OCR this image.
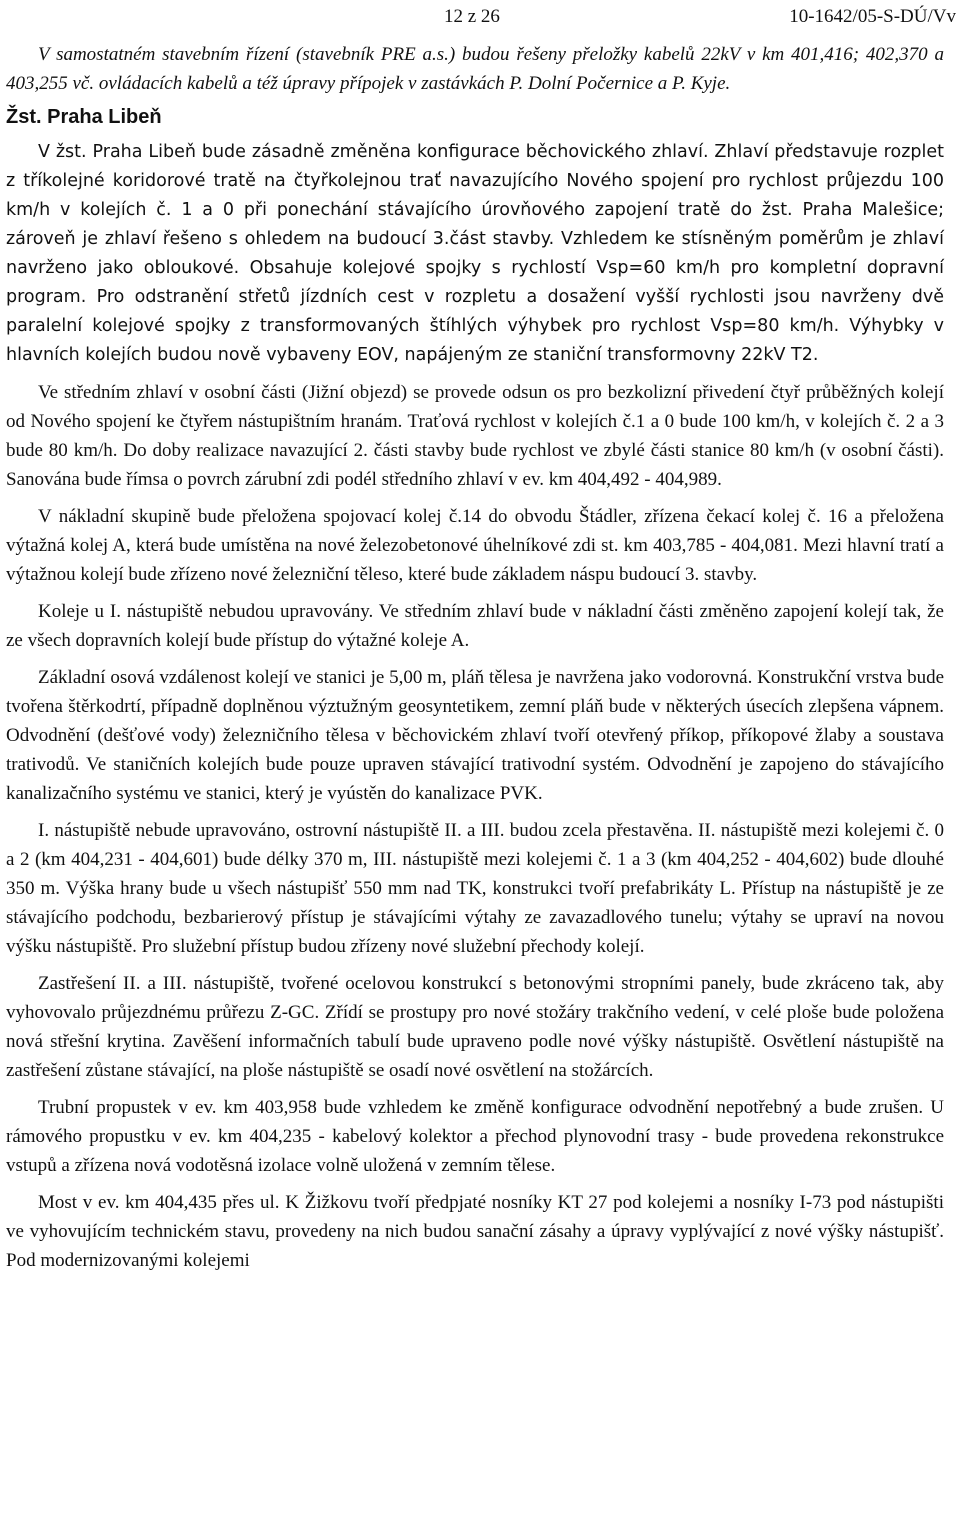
12 z 26	10-1642/05-S-DÚ/Vv

V samostatném stavebním řízení (stavebník PRE a.s.) budou řešeny přeložky kabelů 22kV v km 401,416; 402,370 a 403,255 vč. ovládacích kabelů a též úpravy přípojek v zastávkách P. Dolní Počernice a P. Kyje.

Žst. Praha Libeň

V žst. Praha Libeň bude zásadně změněna konfigurace běchovického zhlaví. Zhlaví představuje rozplet z tříkolejné koridorové tratě na čtyřkolejnou trať navazujícího Nového spojení pro rychlost průjezdu 100 km/h v kolejích č. 1 a 0 při ponechání stávajícího úrovňového zapojení tratě do žst. Praha Malešice; zároveň je zhlaví řešeno s ohledem na budoucí 3.část stavby. Vzhledem ke stísněným poměrům je zhlaví navrženo jako obloukové. Obsahuje kolejové spojky s rychlostí Vsp=60 km/h pro kompletní dopravní program. Pro odstranění střetů jízdních cest v rozpletu a dosažení vyšší rychlosti jsou navrženy dvě paralelní kolejové spojky z transformovaných štíhlých výhybek pro rychlost Vsp=80 km/h. Výhybky v hlavních kolejích budou nově vybaveny EOV, napájeným ze staniční transformovny 22kV T2.

Ve středním zhlaví v osobní části (Jižní objezd) se provede odsun os pro bezkolizní přivedení čtyř průběžných kolejí od Nového spojení ke čtyřem nástupištním hranám. Traťová rychlost v kolejích č.1 a 0 bude 100 km/h, v kolejích č. 2 a 3 bude 80 km/h. Do doby realizace navazující 2. části stavby bude rychlost ve zbylé části stanice 80 km/h (v osobní části). Sanována bude římsa o povrch zárubní zdi podél středního zhlaví v ev. km 404,492 - 404,989.

V nákladní skupině bude přeložena spojovací kolej č.14 do obvodu Štádler, zřízena čekací kolej č. 16 a přeložena výtažná kolej A, která bude umístěna na nové železobetonové úhelníkové zdi st. km 403,785 - 404,081. Mezi hlavní tratí a výtažnou kolejí bude zřízeno nové železniční těleso, které bude základem náspu budoucí 3. stavby.

Koleje u I. nástupiště nebudou upravovány. Ve středním zhlaví bude v nákladní části změněno zapojení kolejí tak, že ze všech dopravních kolejí bude přístup do výtažné koleje A.

Základní osová vzdálenost kolejí ve stanici je 5,00 m, pláň tělesa je navržena jako vodorovná. Konstrukční vrstva bude tvořena štěrkodrtí, případně doplněnou výztužným geosyntetikem, zemní pláň bude v některých úsecích zlepšena vápnem. Odvodnění (dešťové vody) železničního tělesa v běchovickém zhlaví tvoří otevřený příkop, příkopové žlaby a soustava trativodů. Ve staničních kolejích bude pouze upraven stávající trativodní systém. Odvodnění je zapojeno do stávajícího kanalizačního systému ve stanici, který je vyústěn do kanalizace PVK.

I. nástupiště nebude upravováno, ostrovní nástupiště II. a III. budou zcela přestavěna. II. nástupiště mezi kolejemi č. 0 a 2 (km 404,231 - 404,601) bude délky 370 m, III. nástupiště mezi kolejemi č. 1 a 3 (km 404,252 - 404,602) bude dlouhé 350 m. Výška hrany bude u všech nástupišť 550 mm nad TK, konstrukci tvoří prefabrikáty L. Přístup na nástupiště je ze stávajícího podchodu, bezbarierový přístup je stávajícími výtahy ze zavazadlového tunelu; výtahy se upraví na novou výšku nástupiště. Pro služební přístup budou zřízeny nové služební přechody kolejí.

Zastřešení II. a III. nástupiště, tvořené ocelovou konstrukcí s betonovými stropními panely, bude zkráceno tak, aby vyhovovalo průjezdnému průřezu Z-GC. Zřídí se prostupy pro nové stožáry trakčního vedení, v celé ploše bude položena nová střešní krytina. Zavěšení informačních tabulí bude upraveno podle nové výšky nástupiště. Osvětlení nástupiště na zastřešení zůstane stávající, na ploše nástupiště se osadí nové osvětlení na stožárcích.

Trubní propustek v ev. km 403,958 bude vzhledem ke změně konfigurace odvodnění nepotřebný a bude zrušen. U rámového propustku v ev. km 404,235 - kabelový kolektor a přechod plynovodní trasy - bude provedena rekonstrukce vstupů a zřízena nová vodotěsná izolace volně uložená v zemním tělese.

Most v ev. km 404,435 přes ul. K Žižkovu tvoří předpjaté nosníky KT 27 pod kolejemi a nosníky I-73 pod nástupišti ve vyhovujícím technickém stavu, provedeny na nich budou sanační zásahy a úpravy vyplývající z nové výšky nástupišť. Pod modernizovanými kolejemi
